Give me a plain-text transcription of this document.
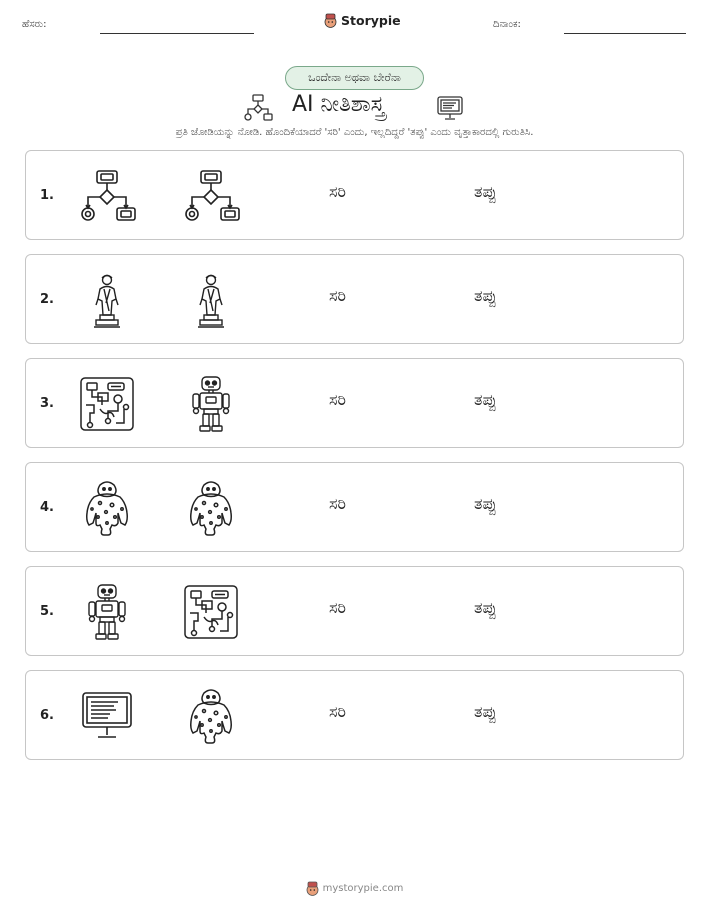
ಹೆಸರು:	Storypie	ದಿನಾಂಕ:
ಒಂದೇನಾ ಅಥವಾ ಬೇರೆನಾ
AI ನೀತಿಶಾಸ್ತ್ರ
ಪ್ರತಿ ಜೋಡಿಯನ್ನು ನೋಡಿ. ಹೊಂದಿಕೆಯಾದರೆ 'ಸರಿ' ಎಂದು, ಇಲ್ಲದಿದ್ದರೆ 'ತಪ್ಪು' ಎಂದು ವೃತ್ತಾಕಾರದಲ್ಲಿ ಗುರುತಿಸಿ.
1.	ಸರಿ	ತಪ್ಪು
2.	ಸರಿ	ತಪ್ಪು
3.	ಸರಿ	ತಪ್ಪು
4.	ಸರಿ	ತಪ್ಪು
5.	ಸರಿ	ತಪ್ಪು
6.	ಸರಿ	ತಪ್ಪು
mystorypie.com
